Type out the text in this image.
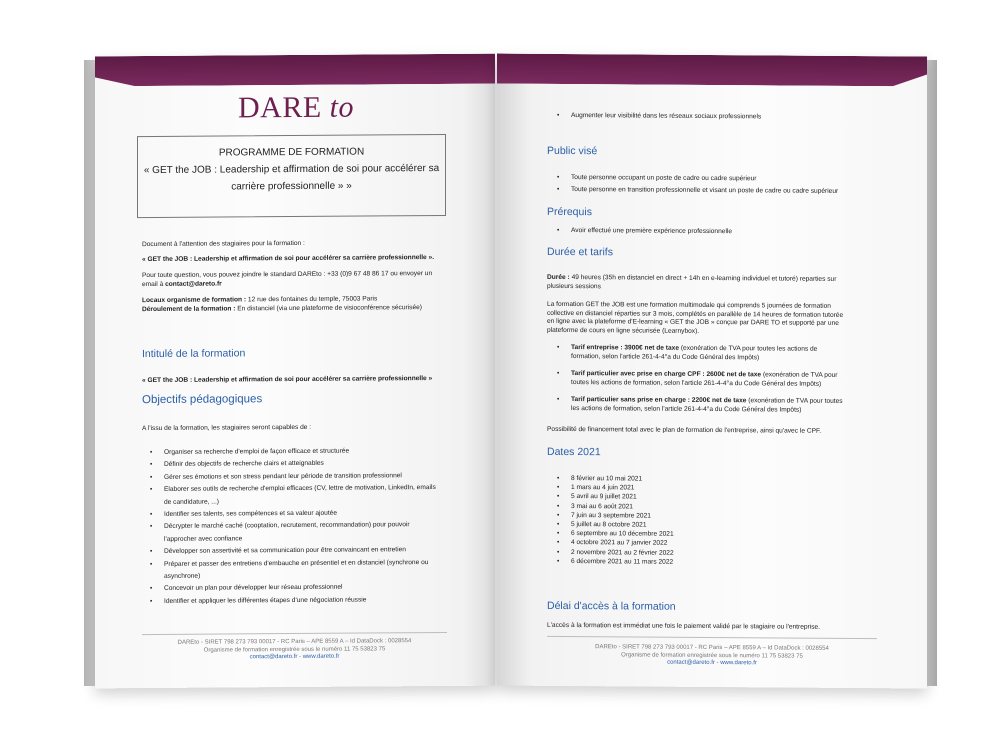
DARE to
PROGRAMME DE FORMATION
« GET the JOB : Leadership et affirmation de soi pour accélérer sa
carrière professionnelle » »
Document à l'attention des stagiaires pour la formation :
« GET the JOB : Leadership et affirmation de soi pour accélérer sa carrière professionnelle ».
Pour toute question, vous pouvez joindre le standard DAREto : +33 (0)9 67 48 86 17 ou envoyer un
email à contact@dareto.fr
Locaux organisme de formation : 12 rue des fontaines du temple, 75003 Paris
Déroulement de la formation : En distanciel (via une plateforme de visioconférence sécurisée)
Intitulé de la formation
« GET the JOB : Leadership et affirmation de soi pour accélérer sa carrière professionnelle »
Objectifs pédagogiques
A l'issu de la formation, les stagiaires seront capables de :
• Organiser sa recherche d'emploi de façon efficace et structurée
• Définir des objectifs de recherche clairs et atteignables
• Gérer ses émotions et son stress pendant leur période de transition professionnel
• Elaborer ses outils de recherche d'emploi efficaces (CV, lettre de motivation, LinkedIn, emails
de candidature, ...)
• Identifier ses talents, ses compétences et sa valeur ajoutée
• Décrypter le marché caché (cooptation, recrutement, recommandation) pour pouvoir
l'approcher avec confiance
• Développer son assertivité et sa communication pour être convaincant en entretien
• Préparer et passer des entretiens d'embauche en présentiel et en distanciel (synchrone ou
asynchrone)
• Concevoir un plan pour développer leur réseau professionnel
• Identifier et appliquer les différentes étapes d'une négociation réussie
DAREto - SIRET 798 273 793 00017 - RC Paris – APE 8559 A – Id DataDock : 0028554
Organisme de formation enregistrée sous le numéro 11 75 53823 75
contact@dareto.fr - www.dareto.fr
• Augmenter leur visibilité dans les réseaux sociaux professionnels
Public visé
• Toute personne occupant un poste de cadre ou cadre supérieur
• Toute personne en transition professionnelle et visant un poste de cadre ou cadre supérieur
Prérequis
• Avoir effectué une première expérience professionnelle
Durée et tarifs
Durée : 49 heures (35h en distanciel en direct + 14h en e-learning individuel et tutoré) reparties sur
plusieurs sessions
La formation GET the JOB est une formation multimodale qui comprends 5 journées de formation
collective en distanciel réparties sur 3 mois, complétés en parallèle de 14 heures de formation tutorée
en ligne avec la plateforme d'E-learning « GET the JOB » conçue par DARE TO et supporté par une
plateforme de cours en ligne sécurisée (Learnybox).
• Tarif entreprise : 3900€ net de taxe (exonération de TVA pour toutes les actions de
formation, selon l'article 261-4-4°a du Code Général des Impôts)
• Tarif particulier avec prise en charge CPF : 2600€ net de taxe (exonération de TVA pour
toutes les actions de formation, selon l'article 261-4-4°a du Code Général des Impôts)
• Tarif particulier sans prise en charge : 2200€ net de taxe (exonération de TVA pour toutes
les actions de formation, selon l'article 261-4-4°a du Code Général des Impôts)
Possibilité de financement total avec le plan de formation de l'entreprise, ainsi qu'avec le CPF.
Dates 2021
• 8 février au 10 mai 2021
• 1 mars au 4 juin 2021
• 5 avril au 9 juillet 2021
• 3 mai au 6 août 2021
• 7 juin au 3 septembre 2021
• 5 juillet au 8 octobre 2021
• 6 septembre au 10 décembre 2021
• 4 octobre 2021 au 7 janvier 2022
• 2 novembre 2021 au 2 février 2022
• 6 décembre 2021 au 11 mars 2022
Délai d'accès à la formation
L'accès à la formation est immédiat une fois le paiement validé par le stagiaire ou l'entreprise.
DAREto - SIRET 798 273 793 00017 - RC Paris – APE 8559 A – Id DataDock : 0028554
Organisme de formation enregistrée sous le numéro 11 75 53823 75
contact@dareto.fr - www.dareto.fr
